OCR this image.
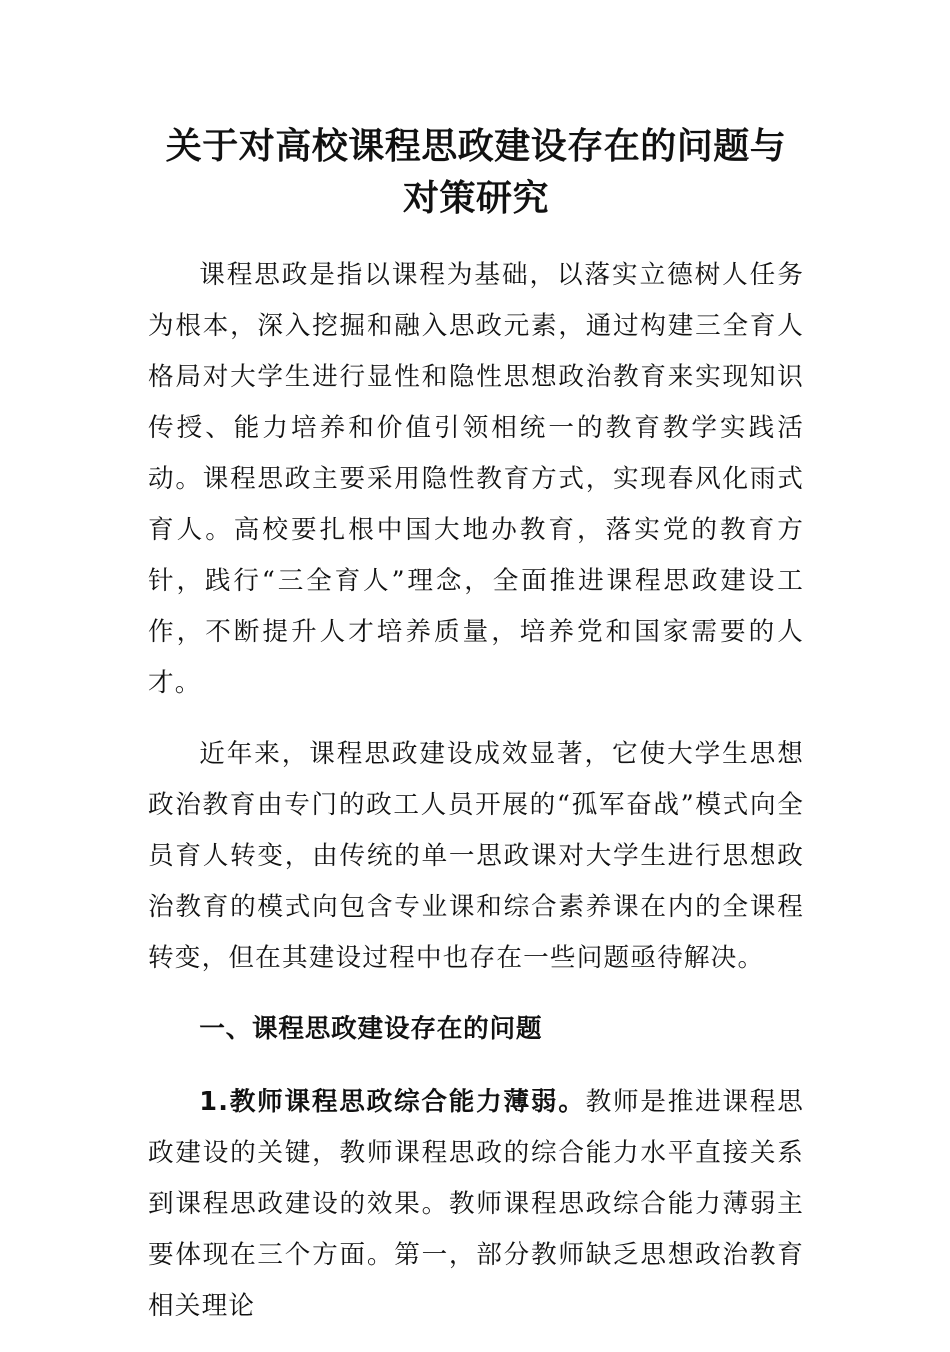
关于对高校课程思政建设存在的问题与
对策研究

课程思政是指以课程为基础，以落实立德树人任务为根本，深入挖掘和融入思政元素，通过构建三全育人格局对大学生进行显性和隐性思想政治教育来实现知识传授、能力培养和价值引领相统一的教育教学实践活动。课程思政主要采用隐性教育方式，实现春风化雨式育人。高校要扎根中国大地办教育，落实党的教育方针，践行“三全育人”理念，全面推进课程思政建设工作，不断提升人才培养质量，培养党和国家需要的人才。

近年来，课程思政建设成效显著，它使大学生思想政治教育由专门的政工人员开展的“孤军奋战”模式向全员育人转变，由传统的单一思政课对大学生进行思想政治教育的模式向包含专业课和综合素养课在内的全课程转变，但在其建设过程中也存在一些问题亟待解决。

一、课程思政建设存在的问题

1.教师课程思政综合能力薄弱。教师是推进课程思政建设的关键，教师课程思政的综合能力水平直接关系到课程思政建设的效果。教师课程思政综合能力薄弱主要体现在三个方面。第一，部分教师缺乏思想政治教育相关理论
